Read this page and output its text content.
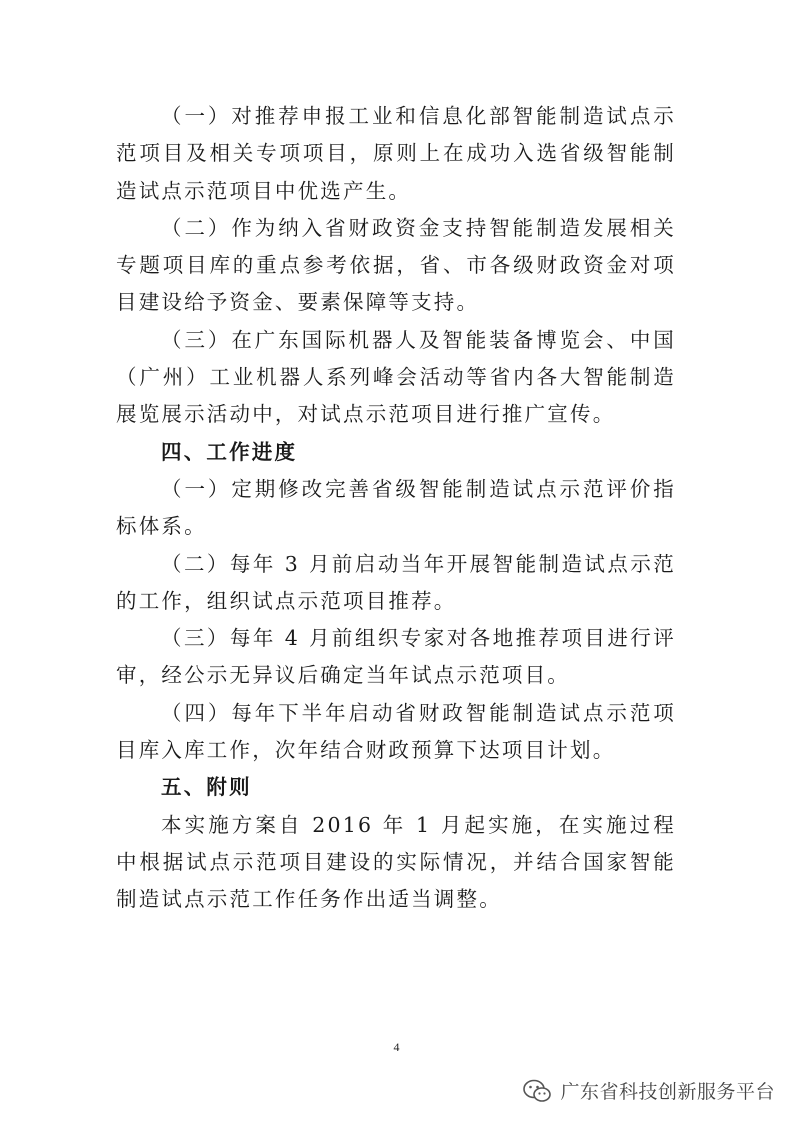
（一）对推荐申报工业和信息化部智能制造试点示范项目及相关专项项目，原则上在成功入选省级智能制造试点示范项目中优选产生。

（二）作为纳入省财政资金支持智能制造发展相关专题项目库的重点参考依据，省、市各级财政资金对项目建设给予资金、要素保障等支持。

（三）在广东国际机器人及智能装备博览会、中国（广州）工业机器人系列峰会活动等省内各大智能制造展览展示活动中，对试点示范项目进行推广宣传。

四、工作进度

（一）定期修改完善省级智能制造试点示范评价指标体系。

（二）每年 3 月前启动当年开展智能制造试点示范的工作，组织试点示范项目推荐。

（三）每年 4 月前组织专家对各地推荐项目进行评审，经公示无异议后确定当年试点示范项目。

（四）每年下半年启动省财政智能制造试点示范项目库入库工作，次年结合财政预算下达项目计划。

五、附则

本实施方案自 2016 年 1 月起实施，在实施过程中根据试点示范项目建设的实际情况，并结合国家智能制造试点示范工作任务作出适当调整。

4
广东省科技创新服务平台
